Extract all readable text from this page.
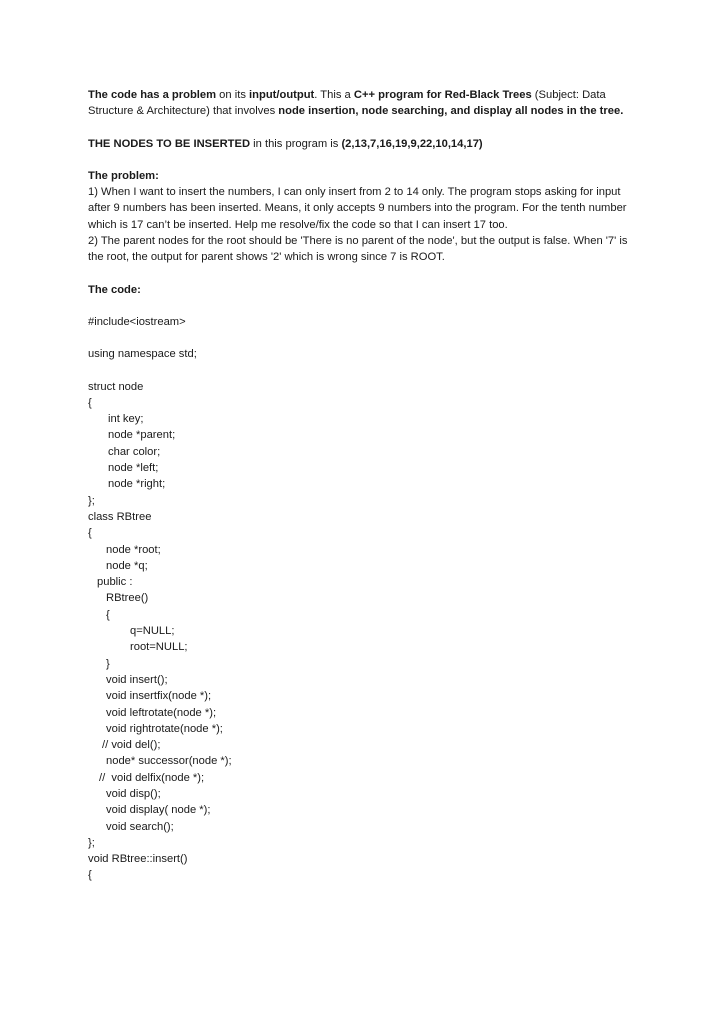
The code has a problem on its input/output. This a C++ program for Red-Black Trees (Subject: Data Structure & Architecture) that involves node insertion, node searching, and display all nodes in the tree.

THE NODES TO BE INSERTED in this program is (2,13,7,16,19,9,22,10,14,17)

The problem:

1) When I want to insert the numbers, I can only insert from 2 to 14 only. The program stops asking for input after 9 numbers has been inserted. Means, it only accepts 9 numbers into the program. For the tenth number which is 17 can’t be inserted. Help me resolve/fix the code so that I can insert 17 too.

2) The parent nodes for the root should be 'There is no parent of the node', but the output is false. When '7' is the root, the output for parent shows '2' which is wrong since 7 is ROOT.

The code:

#include<iostream>

using namespace std;

struct node

{

int key;

node *parent;

char color;

node *left;

node *right;

};

class RBtree

{

node *root;

node *q;

public :

RBtree()

{

q=NULL;

root=NULL;

}

void insert();

void insertfix(node *);

void leftrotate(node *);

void rightrotate(node *);

// void del();

node* successor(node *);

//  void delfix(node *);

void disp();

void display( node *);

void search();

};

void RBtree::insert()

{
